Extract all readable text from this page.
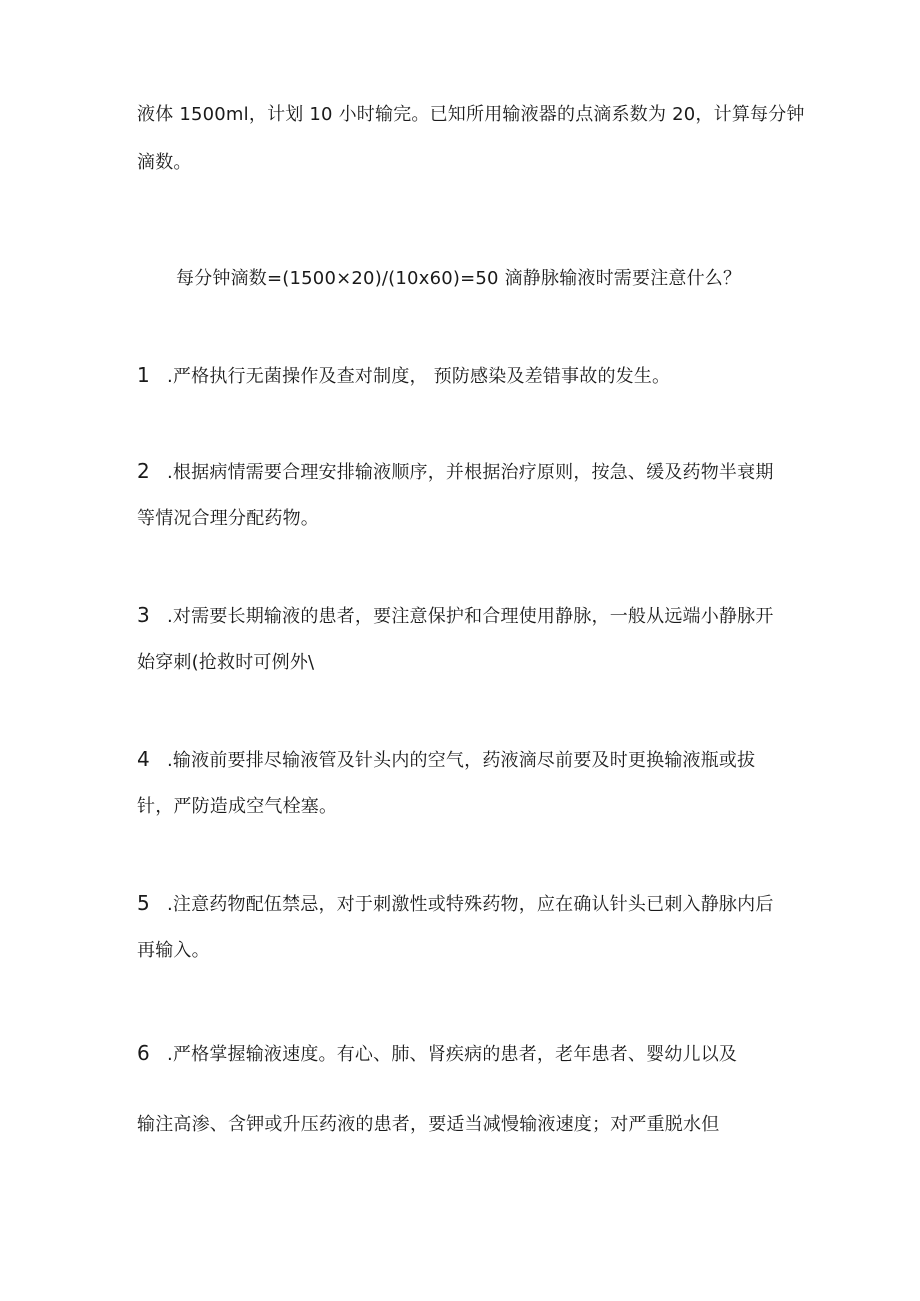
液体 1500ml，计划 10 小时输完。已知所用输液器的点滴系数为 20，计算每分钟

滴数。

每分钟滴数=(1500×20)/(10x60)=50 滴静脉输液时需要注意什么？

1 .严格执行无菌操作及查对制度， 预防感染及差错事故的发生。

2 .根据病情需要合理安排输液顺序，并根据治疗原则，按急、缓及药物半衰期

等情况合理分配药物。

3 .对需要长期输液的患者，要注意保护和合理使用静脉，一般从远端小静脉开

始穿刺(抢救时可例外\

4 .输液前要排尽输液管及针头内的空气，药液滴尽前要及时更换输液瓶或拔

针，严防造成空气栓塞。

5 .注意药物配伍禁忌，对于刺激性或特殊药物，应在确认针头已刺入静脉内后

再输入。

6 .严格掌握输液速度。有心、肺、肾疾病的患者，老年患者、婴幼儿以及

输注高渗、含钾或升压药液的患者，要适当减慢输液速度；对严重脱水但
